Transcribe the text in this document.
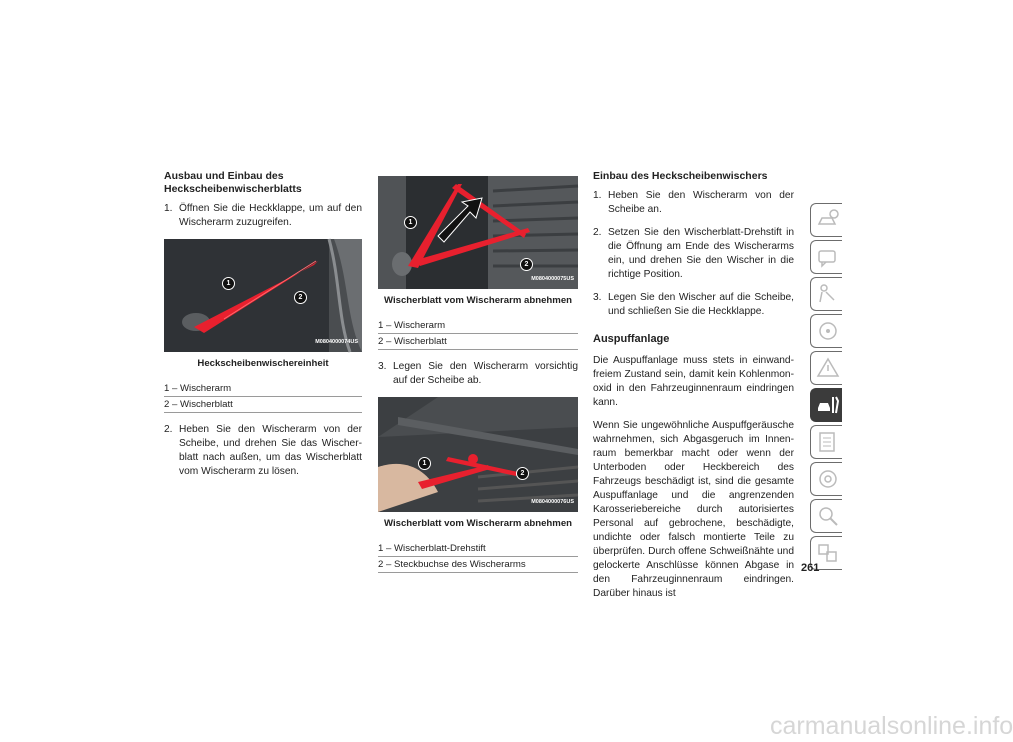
Ausbau und Einbau des Heckscheibenwischerblatts
1. Öffnen Sie die Heckklappe, um auf den Wischerarm zuzugreifen.
1
2
M0804000074US
Heckscheibenwischereinheit
1 – Wischerarm
2 – Wischerblatt
2. Heben Sie den Wischerarm von der Scheibe, und drehen Sie das Wischerblatt nach außen, um das Wischerblatt vom Wischerarm zu lösen.
1
2
M0804000075US
Wischerblatt vom Wischerarm abnehmen
1 – Wischerarm
2 – Wischerblatt
3. Legen Sie den Wischerarm vorsichtig auf der Scheibe ab.
1
2
M0804000076US
Wischerblatt vom Wischerarm abnehmen
1 – Wischerblatt-Drehstift
2 – Steckbuchse des Wischerarms
Einbau des Heckscheibenwischers
1. Heben Sie den Wischerarm von der Scheibe an.
2. Setzen Sie den Wischerblatt-Drehstift in die Öffnung am Ende des Wischerarms ein, und drehen Sie den Wischer in die richtige Position.
3. Legen Sie den Wischer auf die Scheibe, und schließen Sie die Heckklappe.
Auspuffanlage

Die Auspuffanlage muss stets in einwandfreiem Zustand sein, damit kein Kohlenmonoxid in den Fahrzeuginnenraum eindringen kann.

Wenn Sie ungewöhnliche Auspuffgeräusche wahrnehmen, sich Abgasgeruch im Innenraum bemerkbar macht oder wenn der Unterboden oder Heckbereich des Fahrzeugs beschädigt ist, sind die gesamte Auspuffanlage und die angrenzenden Karosseriebereiche durch autorisiertes Personal auf gebrochene, beschädigte, undichte oder falsch montierte Teile zu überprüfen. Durch offene Schweißnähte und gelockerte Anschlüsse können Abgase in den Fahrzeuginnenraum eindringen. Darüber hinaus ist

261
carmanualsonline.info
